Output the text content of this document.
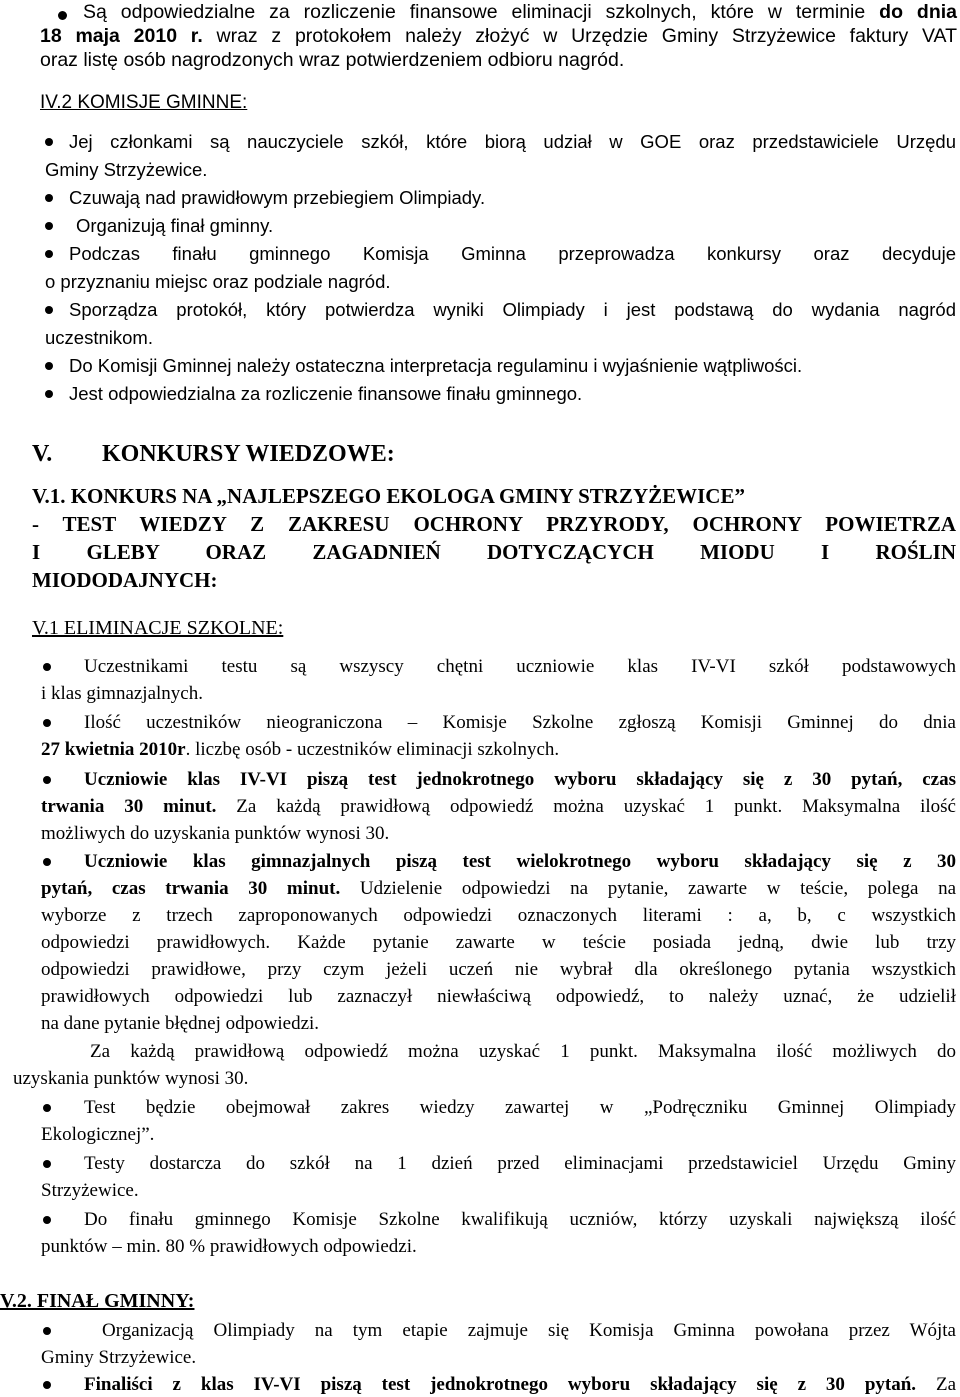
Są odpowiedzialne za rozliczenie finansowe eliminacji szkolnych, które w terminie do dnia
18 maja 2010 r. wraz z protokołem należy złożyć w Urzędzie Gminy Strzyżewice faktury VAT
oraz listę osób nagrodzonych wraz potwierdzeniem odbioru nagród.
IV.2 KOMISJE GMINNE:
Jej członkami są nauczyciele szkół, które biorą udział w GOE oraz przedstawiciele Urzędu
Gminy Strzyżewice.
Czuwają nad prawidłowym przebiegiem Olimpiady.
Organizują finał gminny.
Podczas finału gminnego Komisja Gminna przeprowadza konkursy oraz decyduje
o przyznaniu miejsc oraz podziale nagród.
Sporządza protokół, który potwierdza wyniki Olimpiady i jest podstawą do wydania nagród
uczestnikom.
Do Komisji Gminnej należy ostateczna interpretacja regulaminu i wyjaśnienie wątpliwości.
Jest odpowiedzialna za rozliczenie finansowe finału gminnego.
V. KONKURSY WIEDZOWE:
V.1. KONKURS NA „NAJLEPSZEGO EKOLOGA GMINY STRZYŻEWICE”
- TEST WIEDZY Z ZAKRESU OCHRONY PRZYRODY, OCHRONY POWIETRZA
I GLEBY ORAZ ZAGADNIEŃ DOTYCZĄCYCH MIODU I ROŚLIN
MIODODAJNYCH:
V.1 ELIMINACJE SZKOLNE:
Uczestnikami testu są wszyscy chętni uczniowie klas IV-VI szkół podstawowych
i klas gimnazjalnych.
Ilość uczestników nieograniczona – Komisje Szkolne zgłoszą Komisji Gminnej do dnia
27 kwietnia 2010r. liczbę osób - uczestników eliminacji szkolnych.
Uczniowie klas IV-VI piszą test jednokrotnego wyboru składający się z 30 pytań, czas
trwania 30 minut. Za każdą prawidłową odpowiedź można uzyskać 1 punkt. Maksymalna ilość
możliwych do uzyskania punktów wynosi 30.
Uczniowie klas gimnazjalnych piszą test wielokrotnego wyboru składający się z 30
pytań, czas trwania 30 minut. Udzielenie odpowiedzi na pytanie, zawarte w teście, polega na
wyborze z trzech zaproponowanych odpowiedzi oznaczonych literami : a, b, c wszystkich
odpowiedzi prawidłowych. Każde pytanie zawarte w teście posiada jedną, dwie lub trzy
odpowiedzi prawidłowe, przy czym jeżeli uczeń nie wybrał dla określonego pytania wszystkich
prawidłowych odpowiedzi lub zaznaczył niewłaściwą odpowiedź, to należy uznać, że udzielił
na dane pytanie błędnej odpowiedzi.
Za każdą prawidłową odpowiedź można uzyskać 1 punkt. Maksymalna ilość możliwych do
uzyskania punktów wynosi 30.
Test będzie obejmował zakres wiedzy zawartej w „Podręczniku Gminnej Olimpiady
Ekologicznej”.
Testy dostarcza do szkół na 1 dzień przed eliminacjami przedstawiciel Urzędu Gminy
Strzyżewice.
Do finału gminnego Komisje Szkolne kwalifikują uczniów, którzy uzyskali największą ilość
punktów – min. 80 % prawidłowych odpowiedzi.
V.2. FINAŁ GMINNY:
Organizacją Olimpiady na tym etapie zajmuje się Komisja Gminna powołana przez Wójta
Gminy Strzyżewice.
Finaliści z klas IV-VI piszą test jednokrotnego wyboru składający się z 30 pytań. Za
